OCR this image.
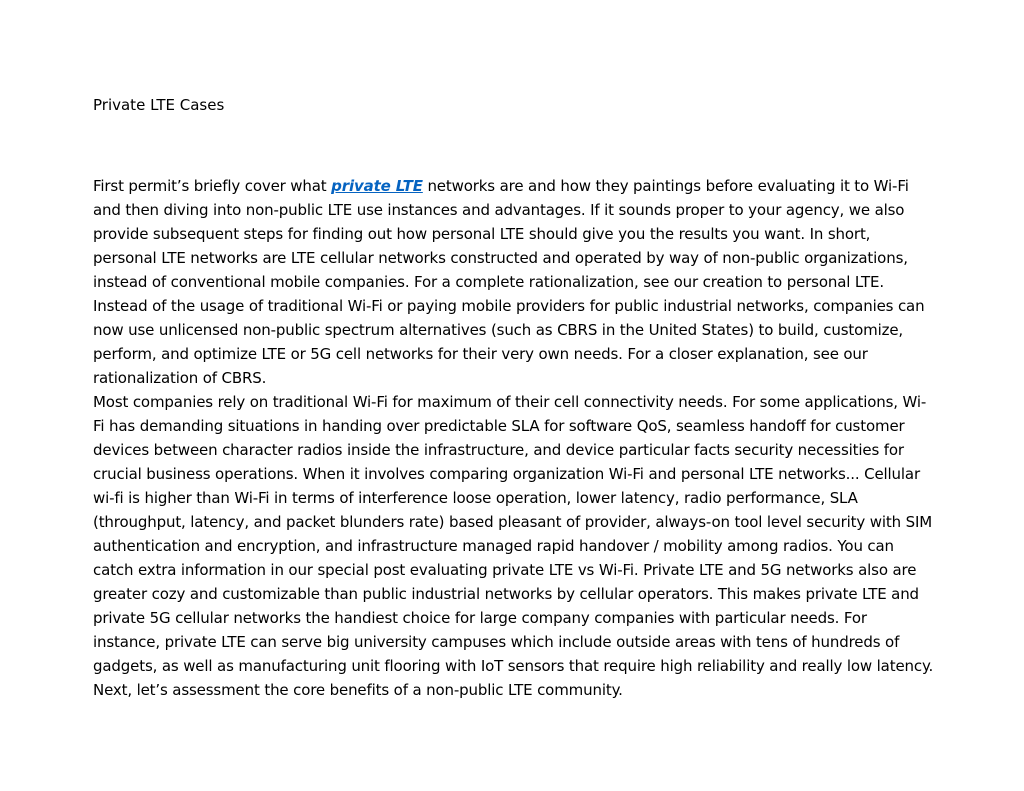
Private LTE Cases

First permit’s briefly cover what private LTE networks are and how they paintings before evaluating it to Wi-Fi and then diving into non-public LTE use instances and advantages. If it sounds proper to your agency, we also provide subsequent steps for finding out how personal LTE should give you the results you want. In short, personal LTE networks are LTE cellular networks constructed and operated by way of non-public organizations, instead of conventional mobile companies. For a complete rationalization, see our creation to personal LTE. Instead of the usage of traditional Wi-Fi or paying mobile providers for public industrial networks, companies can now use unlicensed non-public spectrum alternatives (such as CBRS in the United States) to build, customize, perform, and optimize LTE or 5G cell networks for their very own needs. For a closer explanation, see our rationalization of CBRS.

Most companies rely on traditional Wi-Fi for maximum of their cell connectivity needs. For some applications, Wi-Fi has demanding situations in handing over predictable SLA for software QoS, seamless handoff for customer devices between character radios inside the infrastructure, and device particular facts security necessities for crucial business operations. When it involves comparing organization Wi-Fi and personal LTE networks... Cellular wi-fi is higher than Wi-Fi in terms of interference loose operation, lower latency, radio performance, SLA (throughput, latency, and packet blunders rate) based pleasant of provider, always-on tool level security with SIM authentication and encryption, and infrastructure managed rapid handover / mobility among radios. You can catch extra information in our special post evaluating private LTE vs Wi-Fi. Private LTE and 5G networks also are greater cozy and customizable than public industrial networks by cellular operators. This makes private LTE and private 5G cellular networks the handiest choice for large company companies with particular needs. For instance, private LTE can serve big university campuses which include outside areas with tens of hundreds of gadgets, as well as manufacturing unit flooring with IoT sensors that require high reliability and really low latency. Next, let’s assessment the core benefits of a non-public LTE community.
